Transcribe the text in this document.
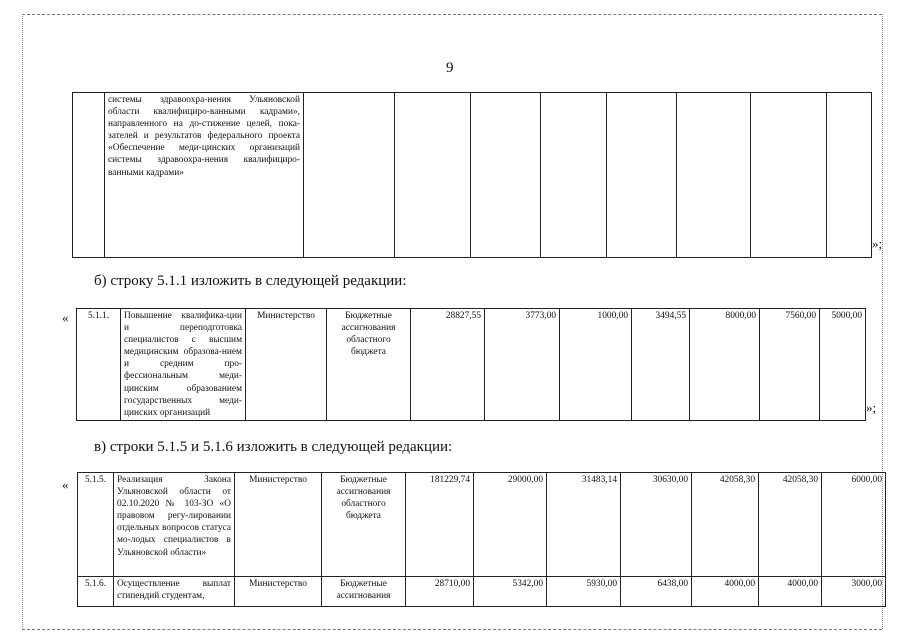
9
	системы здравоохра-нения Ульяновской области квалифициро-ванными кадрами», направленного на до-стижение целей, пока-зателей и результатов федерального проекта «Обеспечение меди-цинских организаций системы здравоохра-нения квалифициро-ванными кадрами»								
»;
б) строку 5.1.1 изложить в следующей редакции:
« 5.1.1.	Повышение квалифика-ции и переподготовка специалистов с высшим медицинским образова-нием и средним про-фессиональным меди-цинским образованием государственных меди-цинских организаций	Министерство	Бюджетные ассигнования областного бюджета	28827,55	3773,00	1000,00	3494,55	8000,00	7560,00	5000,00
»;
в) строки 5.1.5 и 5.1.6 изложить в следующей редакции:
« 5.1.5.	Реализация Закона Ульяновской области от 02.10.2020 № 103-ЗО «О правовом регу-лировании отдельных вопросов статуса мо-лодых специалистов в Ульяновской области»	Министерство	Бюджетные ассигнования областного бюджета	181229,74	29000,00	31483,14	30630,00	42058,30	42058,30	6000,00
5.1.6.	Осуществление выплат стипендий студентам,	Министерство	Бюджетные ассигнования	28710,00	5342,00	5930,00	6438,00	4000,00	4000,00	3000,00
